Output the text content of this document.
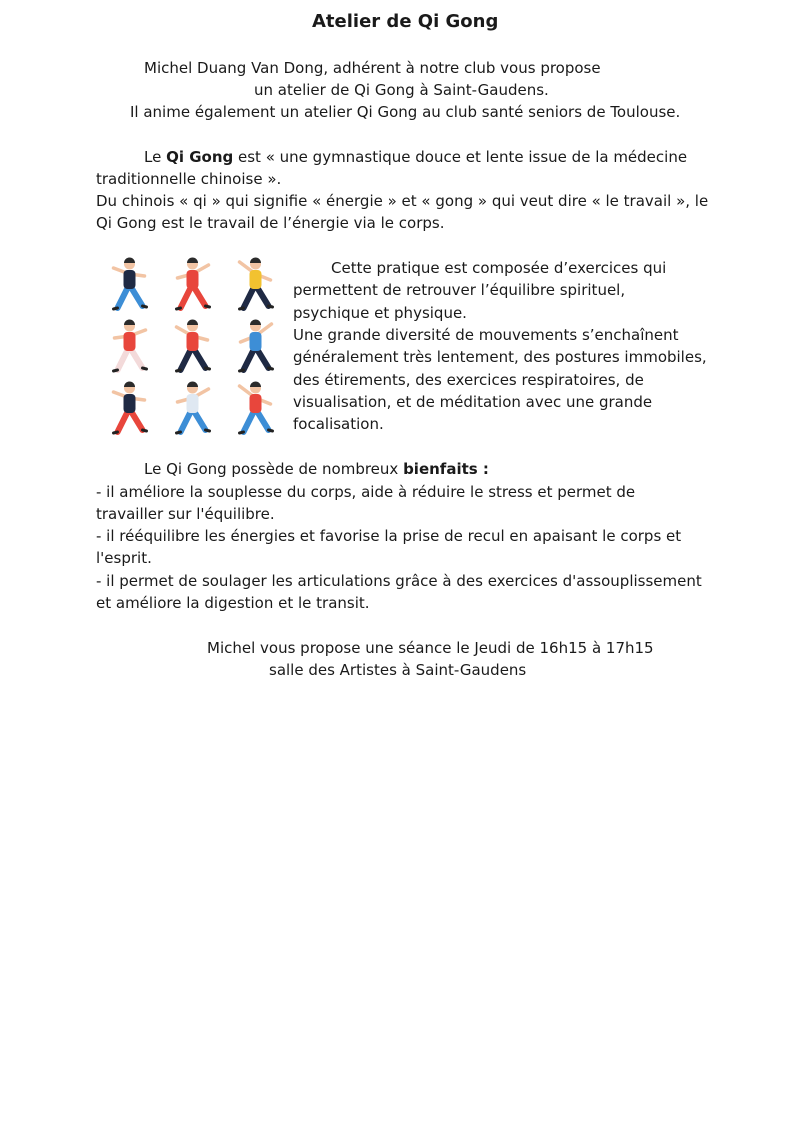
Atelier de Qi Gong
Michel Duang Van Dong, adhérent à notre club vous propose
un atelier de Qi Gong à Saint-Gaudens.
Il anime également un atelier Qi Gong au club santé seniors de Toulouse.
Le Qi Gong est « une gymnastique douce et lente issue de la médecine
traditionnelle chinoise ».
Du chinois « qi » qui signifie « énergie » et « gong » qui veut dire « le travail », le
Qi Gong est le travail de l’énergie via le corps.
Cette pratique est composée d’exercices qui
permettent de retrouver l’équilibre spirituel,
psychique et physique.
Une grande diversité de mouvements s’enchaînent
généralement très lentement, des postures immobiles,
des étirements, des exercices respiratoires, de
visualisation, et de méditation avec une grande
focalisation.
Le Qi Gong possède de nombreux bienfaits :
- il améliore la souplesse du corps, aide à réduire le stress et permet de
travailler sur l'équilibre.
- il rééquilibre les énergies et favorise la prise de recul en apaisant le corps et
l'esprit.
- il permet de soulager les articulations grâce à des exercices d'assouplissement
et améliore la digestion et le transit.
Michel vous propose une séance le Jeudi de 16h15 à 17h15
salle des Artistes à Saint-Gaudens
